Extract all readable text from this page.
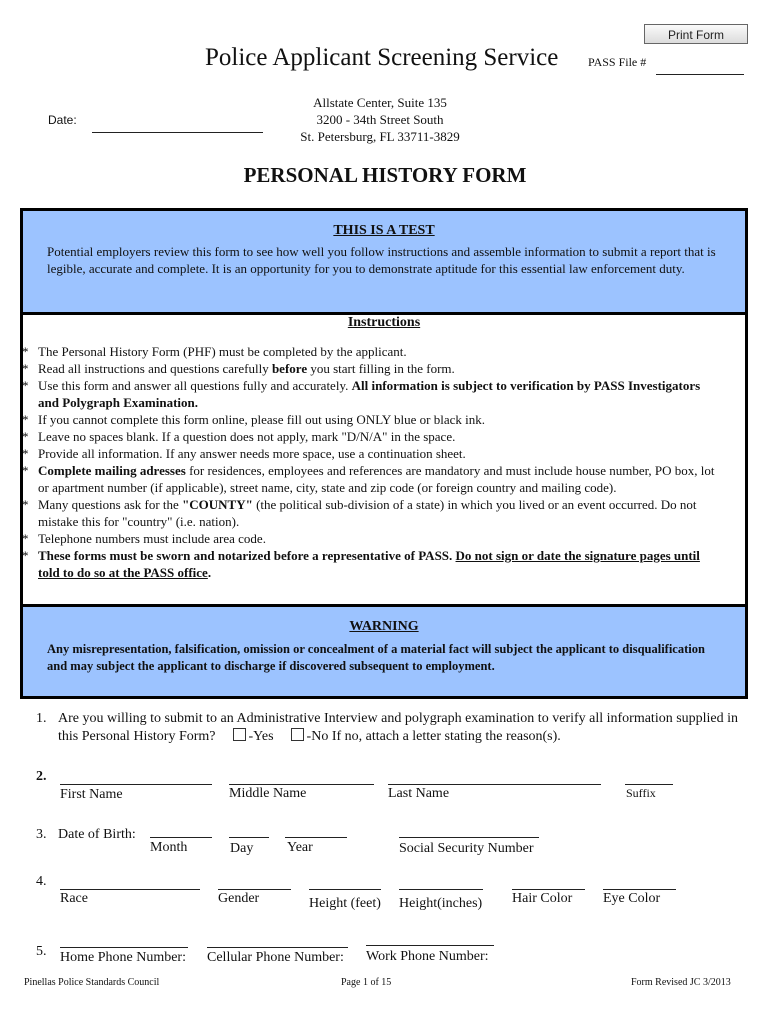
Print Form
Police Applicant Screening Service PASS File #
Date:
Allstate Center, Suite 135
3200 - 34th Street South
St. Petersburg, FL 33711-3829
PERSONAL HISTORY FORM
THIS IS A TEST
Potential employers review this form to see how well you follow instructions and assemble information to submit a report that is legible, accurate and complete. It is an opportunity for you to demonstrate aptitude for this essential law enforcement duty.
Instructions
* The Personal History Form (PHF) must be completed by the applicant.
* Read all instructions and questions carefully before you start filling in the form.
* Use this form and answer all questions fully and accurately. All information is subject to verification by PASS Investigators and Polygraph Examination.
* If you cannot complete this form online, please fill out using ONLY blue or black ink.
* Leave no spaces blank. If a question does not apply, mark "D/N/A" in the space.
* Provide all information. If any answer needs more space, use a continuation sheet.
* Complete mailing adresses for residences, employees and references are mandatory and must include house number, PO box, lot or apartment number (if applicable), street name, city, state and zip code (or foreign country and mailing code).
* Many questions ask for the "COUNTY" (the political sub-division of a state) in which you lived or an event occurred. Do not mistake this for "country" (i.e. nation).
* Telephone numbers must include area code.
* These forms must be sworn and notarized before a representative of PASS. Do not sign or date the signature pages until told to do so at the PASS office.
WARNING
Any misrepresentation, falsification, omission or concealment of a material fact will subject the applicant to disqualification and may subject the applicant to discharge if discovered subsequent to employment.
1. Are you willing to submit to an Administrative Interview and polygraph examination to verify all information supplied in
this Personal History Form? -Yes -No If no, attach a letter stating the reason(s).
2 .
First Name	Middle Name	Last Name	Suffix
3. Date of Birth:
Month	Day Year	Social Security Number
4.
Race	Gender	Height (feet) Height(inches) Hair Color Eye Color
5. Home Phone Number: Cellular Phone Number: Work Phone Number:
Pinellas Police Standards Council	Page 1 of 15	Form Revised JC 3/2013
